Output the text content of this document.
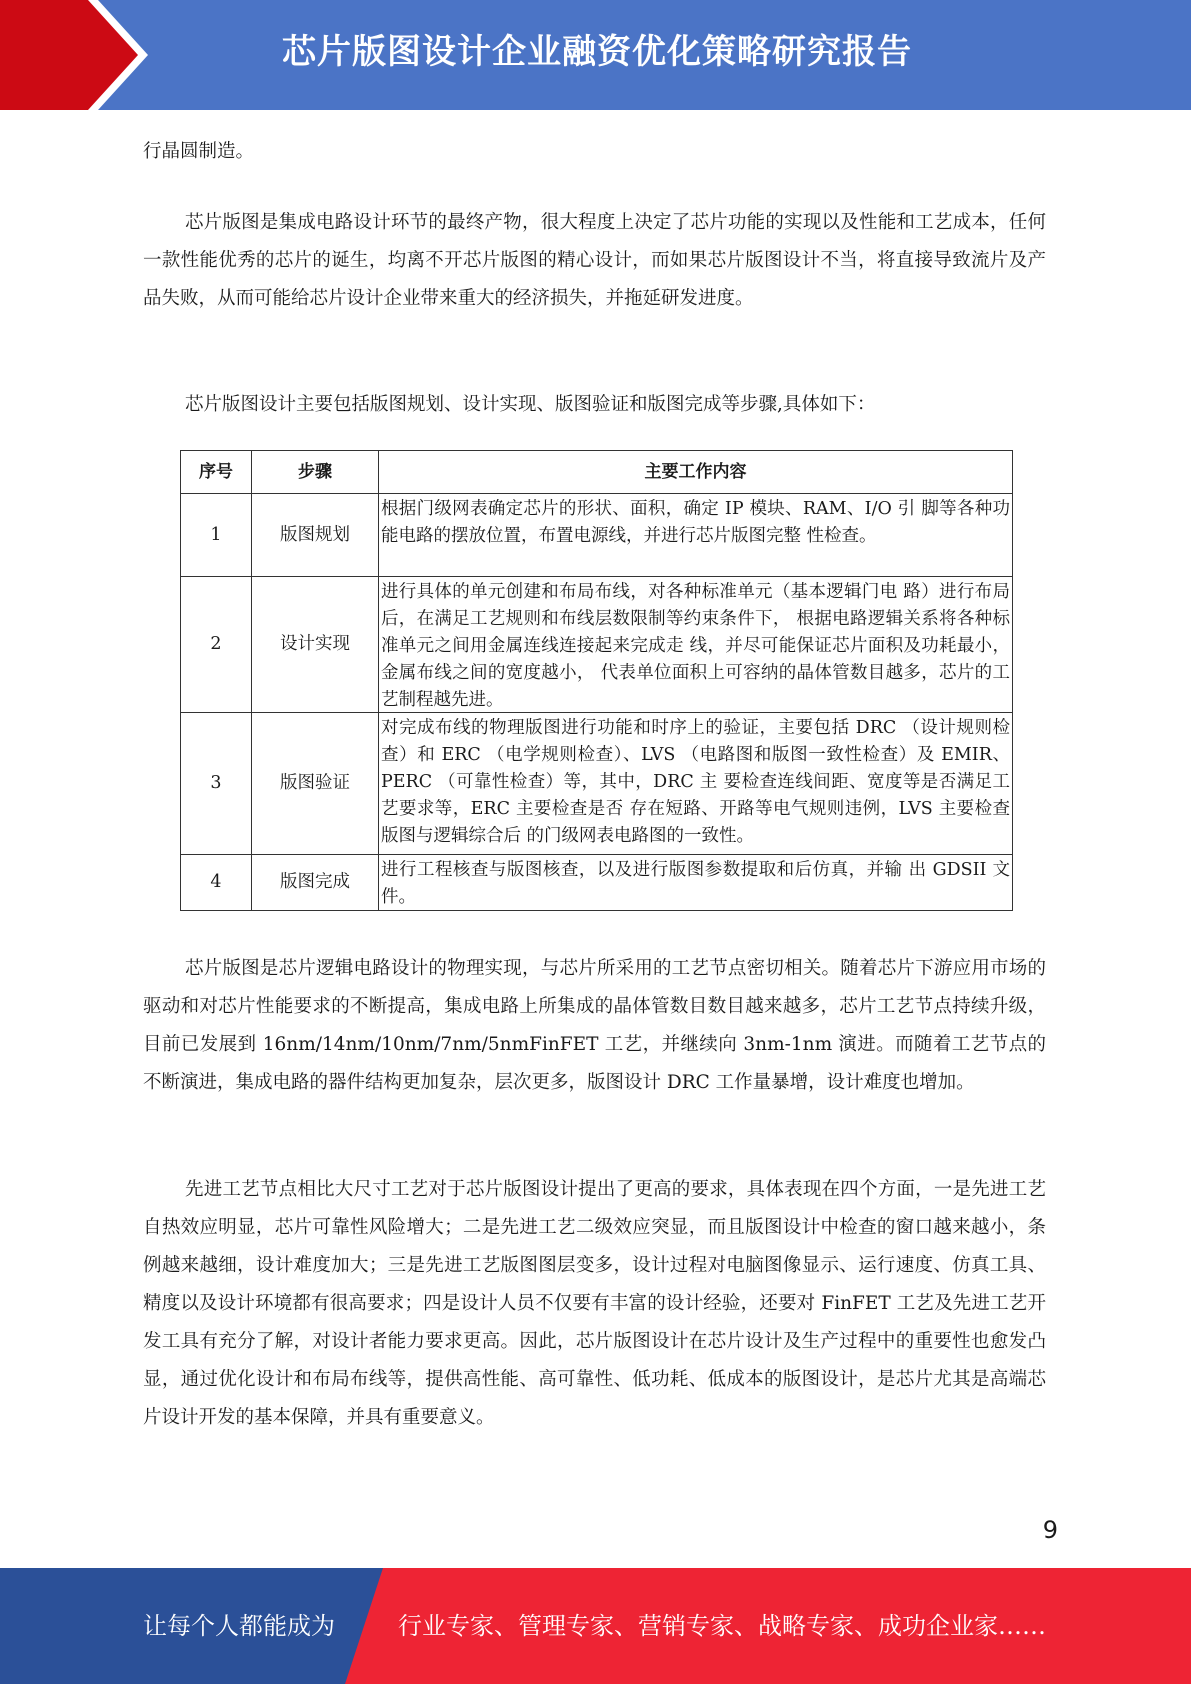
芯片版图设计企业融资优化策略研究报告

行晶圆制造。

芯片版图是集成电路设计环节的最终产物，很大程度上决定了芯片功能的实现以及性能和工艺成本，任何一款性能优秀的芯片的诞生，均离不开芯片版图的精心设计，而如果芯片版图设计不当，将直接导致流片及产品失败，从而可能给芯片设计企业带来重大的经济损失，并拖延研发进度。

芯片版图设计主要包括版图规划、设计实现、版图验证和版图完成等步骤,具体如下：

序号	步骤	主要工作内容
1	版图规划	根据门级网表确定芯片的形状、面积，确定 IP 模块、RAM、I/O 引 脚等各种功能电路的摆放位置，布置电源线，并进行芯片版图完整 性检查。

2	设计实现	进行具体的单元创建和布局布线，对各种标准单元（基本逻辑门电 路）进行布局后，在满足工艺规则和布线层数限制等约束条件下， 根据电路逻辑关系将各种标准单元之间用金属连线连接起来完成走 线，并尽可能保证芯片面积及功耗最小，金属布线之间的宽度越小， 代表单位面积上可容纳的晶体管数目越多，芯片的工艺制程越先进。

3	版图验证	对完成布线的物理版图进行功能和时序上的验证，主要包括 DRC （设计规则检查）和 ERC （电学规则检查）、LVS （电路图和版图一致性检查）及 EMIR、PERC （可靠性检查）等，其中，DRC 主 要检查连线间距、宽度等是否满足工艺要求等，ERC 主要检查是否 存在短路、开路等电气规则违例，LVS 主要检查版图与逻辑综合后 的门级网表电路图的一致性。

4	版图完成	进行工程核查与版图核查，以及进行版图参数提取和后仿真，并输 出 GDSII 文件。

芯片版图是芯片逻辑电路设计的物理实现，与芯片所采用的工艺节点密切相关。随着芯片下游应用市场的驱动和对芯片性能要求的不断提高，集成电路上所集成的晶体管数目数目越来越多，芯片工艺节点持续升级，目前已发展到 16nm/14nm/10nm/7nm/5nmFinFET 工艺，并继续向 3nm-1nm 演进。而随着工艺节点的不断演进，集成电路的器件结构更加复杂，层次更多，版图设计 DRC 工作量暴增，设计难度也增加。

先进工艺节点相比大尺寸工艺对于芯片版图设计提出了更高的要求，具体表现在四个方面，一是先进工艺自热效应明显，芯片可靠性风险增大；二是先进工艺二级效应突显，而且版图设计中检查的窗口越来越小，条例越来越细，设计难度加大；三是先进工艺版图图层变多，设计过程对电脑图像显示、运行速度、仿真工具、精度以及设计环境都有很高要求；四是设计人员不仅要有丰富的设计经验，还要对 FinFET 工艺及先进工艺开发工具有充分了解，对设计者能力要求更高。因此，芯片版图设计在芯片设计及生产过程中的重要性也愈发凸显，通过优化设计和布局布线等，提供高性能、高可靠性、低功耗、低成本的版图设计，是芯片尤其是高端芯片设计开发的基本保障，并具有重要意义。

9
让每个人都能成为	行业专家、管理专家、营销专家、战略专家、成功企业家……
